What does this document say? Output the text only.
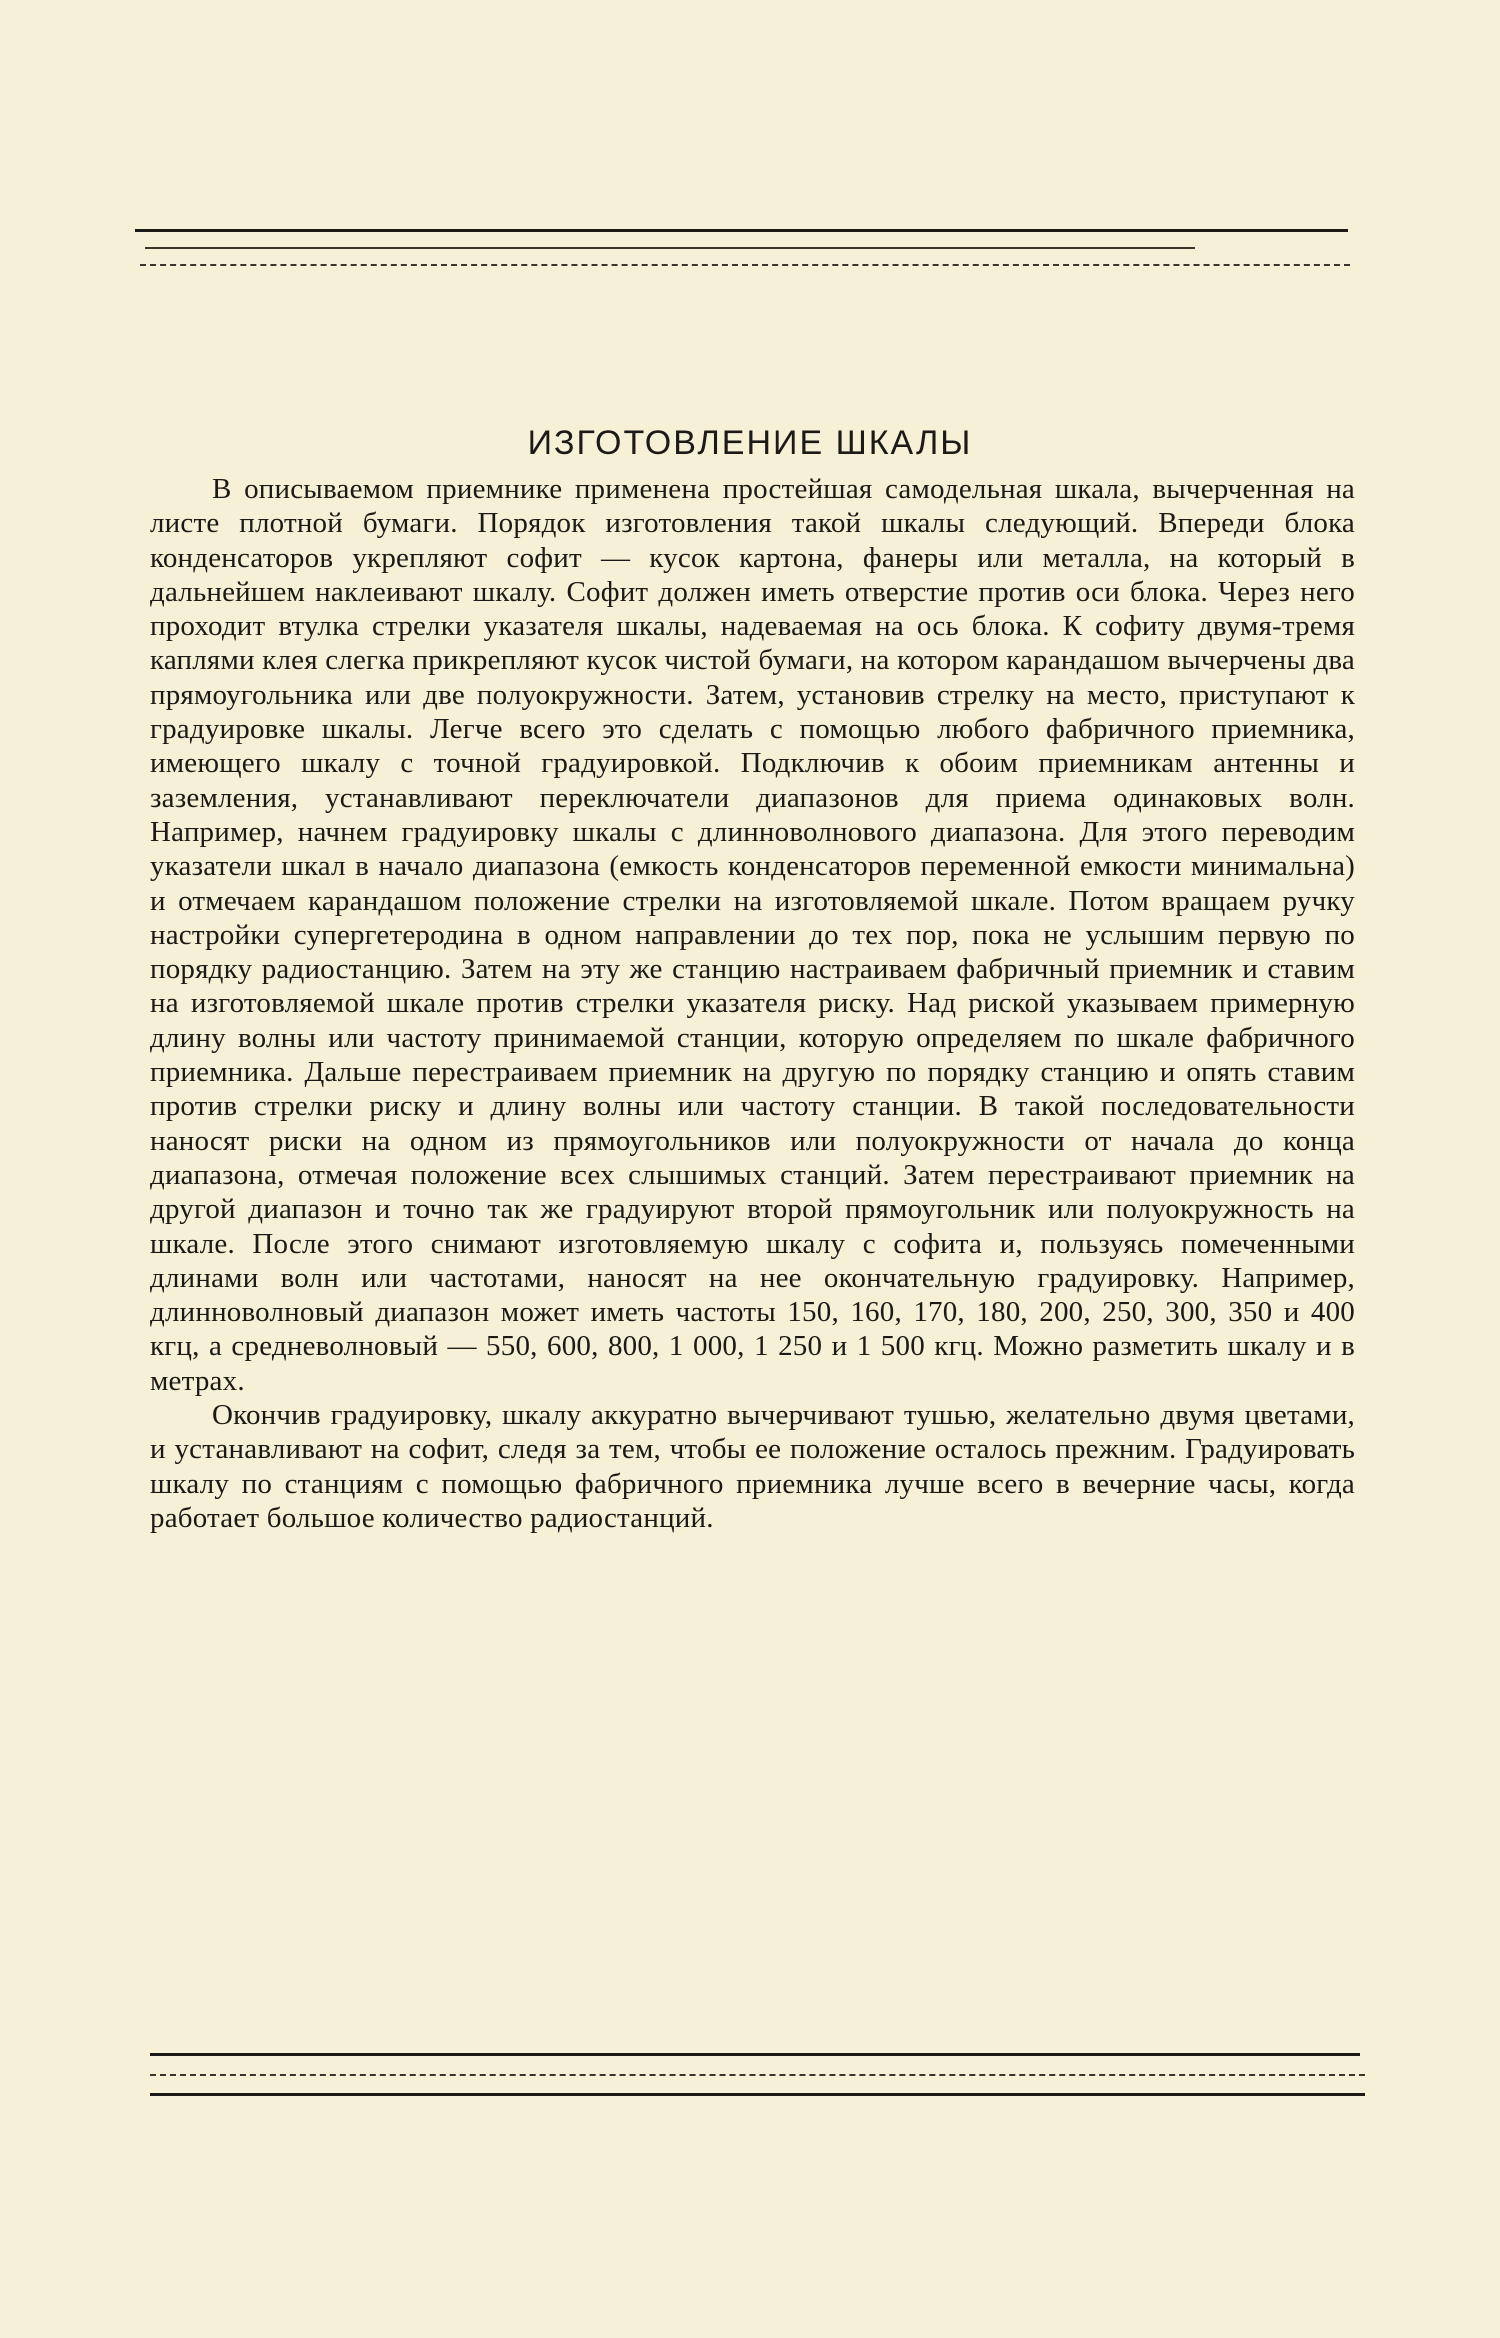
ИЗГОТОВЛЕНИЕ ШКАЛЫ

В описываемом приемнике применена простейшая самодельная шкала, вычерченная на листе плотной бумаги. Порядок изготовления такой шкалы следующий. Впереди блока конденсаторов укрепляют софит — кусок картона, фанеры или металла, на который в дальнейшем наклеивают шкалу. Софит должен иметь отверстие против оси блока. Через него проходит втулка стрелки указателя шкалы, надеваемая на ось блока. К софиту двумя-тремя каплями клея слегка прикрепляют кусок чистой бумаги, на котором карандашом вычерчены два прямоугольника или две полуокружности. Затем, установив стрелку на место, приступают к градуировке шкалы. Легче всего это сделать с помощью любого фабричного приемника, имеющего шкалу с точной градуировкой. Подключив к обоим приемникам антенны и заземления, устанавливают переключатели диапазонов для приема одинаковых волн. Например, начнем градуировку шкалы с длинноволнового диапазона. Для этого переводим указатели шкал в начало диапазона (емкость конденсаторов переменной емкости минимальна) и отмечаем карандашом положение стрелки на изготовляемой шкале. Потом вращаем ручку настройки супергетеродина в одном направлении до тех пор, пока не услышим первую по порядку радиостанцию. Затем на эту же станцию настраиваем фабричный приемник и ставим на изготовляемой шкале против стрелки указателя риску. Над риской указываем примерную длину волны или частоту принимаемой станции, которую определяем по шкале фабричного приемника. Дальше перестраиваем приемник на другую по порядку станцию и опять ставим против стрелки риску и длину волны или частоту станции. В такой последовательности наносят риски на одном из прямоугольников или полуокружности от начала до конца диапазона, отмечая положение всех слышимых станций. Затем перестраивают приемник на другой диапазон и точно так же градуируют второй прямоугольник или полуокружность на шкале. После этого снимают изготовляемую шкалу с софита и, пользуясь помеченными длинами волн или частотами, наносят на нее окончательную градуировку. Например, длинноволновый диапазон может иметь частоты 150, 160, 170, 180, 200, 250, 300, 350 и 400 кгц, а средневолновый — 550, 600, 800, 1 000, 1 250 и 1 500 кгц. Можно разметить шкалу и в метрах.

Окончив градуировку, шкалу аккуратно вычерчивают тушью, желательно двумя цветами, и устанавливают на софит, следя за тем, чтобы ее положение осталось прежним. Градуировать шкалу по станциям с помощью фабричного приемника лучше всего в вечерние часы, когда работает большое количество радиостанций.
